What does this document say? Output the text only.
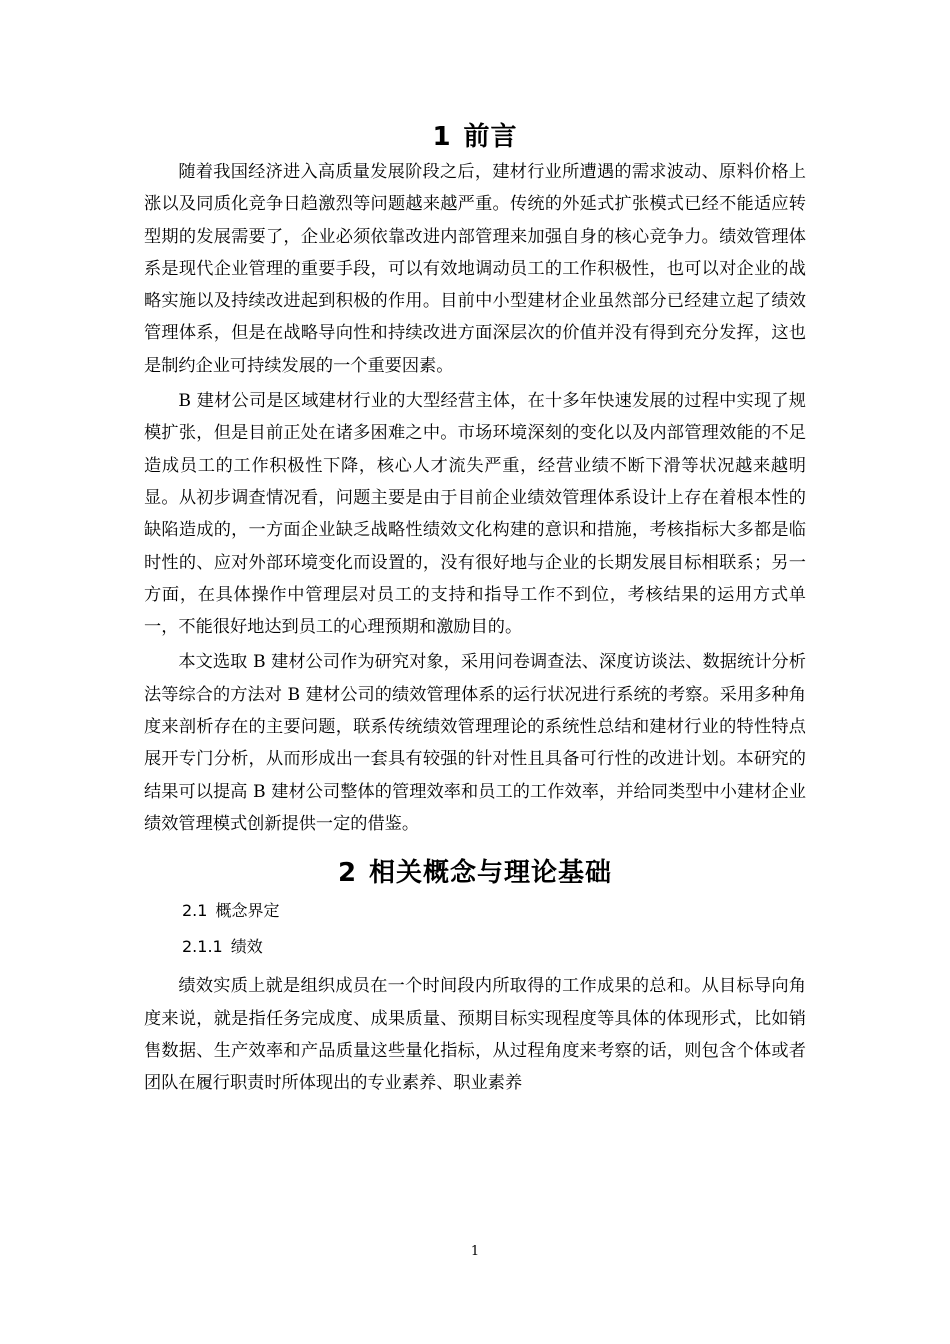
1 前言

随着我国经济进入高质量发展阶段之后，建材行业所遭遇的需求波动、原料价格上涨以及同质化竞争日趋激烈等问题越来越严重。传统的外延式扩张模式已经不能适应转型期的发展需要了，企业必须依靠改进内部管理来加强自身的核心竞争力。绩效管理体系是现代企业管理的重要手段，可以有效地调动员工的工作积极性，也可以对企业的战略实施以及持续改进起到积极的作用。目前中小型建材企业虽然部分已经建立起了绩效管理体系，但是在战略导向性和持续改进方面深层次的价值并没有得到充分发挥，这也是制约企业可持续发展的一个重要因素。

B 建材公司是区域建材行业的大型经营主体，在十多年快速发展的过程中实现了规模扩张，但是目前正处在诸多困难之中。市场环境深刻的变化以及内部管理效能的不足造成员工的工作积极性下降，核心人才流失严重，经营业绩不断下滑等状况越来越明显。从初步调查情况看，问题主要是由于目前企业绩效管理体系设计上存在着根本性的缺陷造成的，一方面企业缺乏战略性绩效文化构建的意识和措施，考核指标大多都是临时性的、应对外部环境变化而设置的，没有很好地与企业的长期发展目标相联系；另一方面，在具体操作中管理层对员工的支持和指导工作不到位，考核结果的运用方式单一，不能很好地达到员工的心理预期和激励目的。

本文选取 B 建材公司作为研究对象，采用问卷调查法、深度访谈法、数据统计分析法等综合的方法对 B 建材公司的绩效管理体系的运行状况进行系统的考察。采用多种角度来剖析存在的主要问题，联系传统绩效管理理论的系统性总结和建材行业的特性特点展开专门分析，从而形成出一套具有较强的针对性且具备可行性的改进计划。本研究的结果可以提高 B 建材公司整体的管理效率和员工的工作效率，并给同类型中小建材企业绩效管理模式创新提供一定的借鉴。

2 相关概念与理论基础
2.1 概念界定
2.1.1 绩效

绩效实质上就是组织成员在一个时间段内所取得的工作成果的总和。从目标导向角度来说，就是指任务完成度、成果质量、预期目标实现程度等具体的体现形式，比如销售数据、生产效率和产品质量这些量化指标，从过程角度来考察的话，则包含个体或者团队在履行职责时所体现出的专业素养、职业素养

1
